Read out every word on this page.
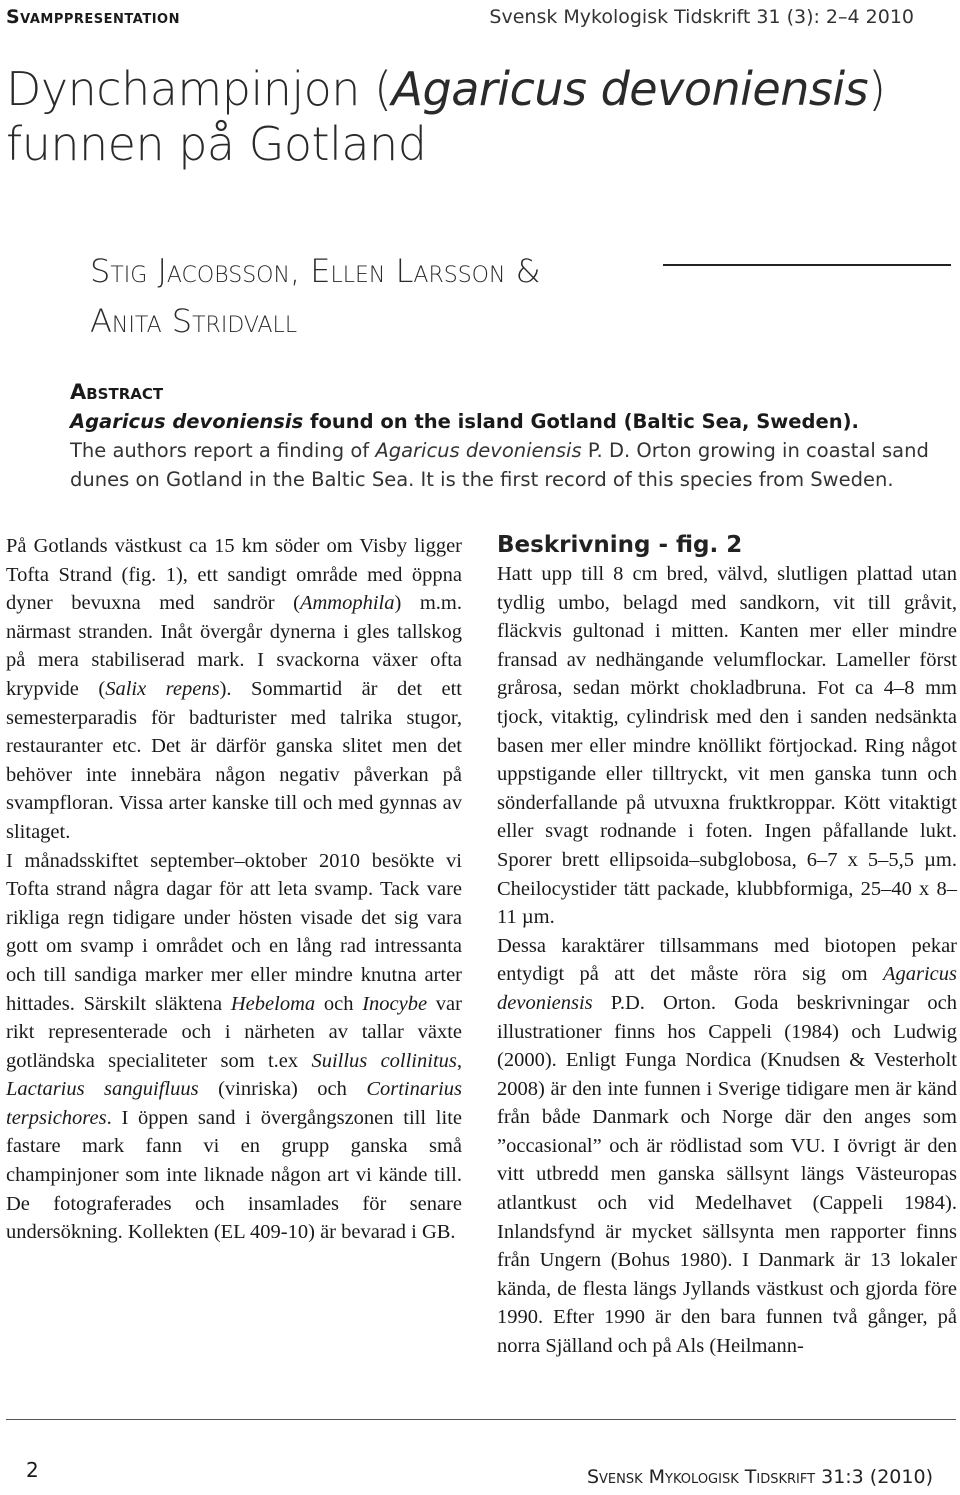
Svamppresentation	Svensk Mykologisk Tidskrift 31 (3): 2–4 2010
Dynchampinjon (Agaricus devoniensis)
funnen på Gotland
Stig Jacobsson, Ellen Larsson &
Anita Stridvall
Abstract
Agaricus devoniensis found on the island Gotland (Baltic Sea, Sweden).
The authors report a finding of Agaricus devoniensis P. D. Orton growing in coastal sand dunes on Gotland in the Baltic Sea. It is the first record of this species from Sweden.

På Gotlands västkust ca 15 km söder om Visby ligger Tofta Strand (fig. 1), ett sandigt område med öppna dyner bevuxna med sandrör (Ammophila) m.m. närmast stranden. Inåt övergår dynerna i gles tallskog på mera stabiliserad mark. I svackorna växer ofta krypvide (Salix repens). Sommartid är det ett semesterparadis för badturister med talrika stugor, restauranter etc. Det är därför ganska slitet men det behöver inte innebära någon negativ påverkan på svampfloran. Vissa arter kanske till och med gynnas av slitaget.

I månadsskiftet september–oktober 2010 besökte vi Tofta strand några dagar för att leta svamp. Tack vare rikliga regn tidigare under hösten visade det sig vara gott om svamp i området och en lång rad intressanta och till sandiga marker mer eller mindre knutna arter hittades. Särskilt släktena Hebeloma och Inocybe var rikt representerade och i närheten av tallar växte gotländska specialiteter som t.ex Suillus collinitus, Lactarius sanguifluus (vinriska) och Cortinarius terpsichores. I öppen sand i övergångszonen till lite fastare mark fann vi en grupp ganska små champinjoner som inte liknade någon art vi kände till. De fotograferades och insamlades för senare undersökning. Kollekten (EL 409-10) är bevarad i GB.

Beskrivning - fig. 2

Hatt upp till 8 cm bred, välvd, slutligen plattad utan tydlig umbo, belagd med sandkorn, vit till gråvit, fläckvis gultonad i mitten. Kanten mer eller mindre fransad av nedhängande velumflockar. Lameller först grårosa, sedan mörkt chokladbruna. Fot ca 4–8 mm tjock, vitaktig, cylindrisk med den i sanden nedsänkta basen mer eller mindre knöllikt förtjockad. Ring något uppstigande eller tilltryckt, vit men ganska tunn och sönderfallande på utvuxna fruktkroppar. Kött vitaktigt eller svagt rodnande i foten. Ingen påfallande lukt. Sporer brett ellipsoida–subglobosa, 6–7 x 5–5,5 µm. Cheilocystider tätt packade, klubbformiga, 25–40 x 8–11 µm.

Dessa karaktärer tillsammans med biotopen pekar entydigt på att det måste röra sig om Agaricus devoniensis P.D. Orton. Goda beskrivningar och illustrationer finns hos Cappeli (1984) och Ludwig (2000). Enligt Funga Nordica (Knudsen & Vesterholt 2008) är den inte funnen i Sverige tidigare men är känd från både Danmark och Norge där den anges som ”occasional” och är rödlistad som VU. I övrigt är den vitt utbredd men ganska sällsynt längs Västeuropas atlantkust och vid Medelhavet (Cappeli 1984). Inlandsfynd är mycket sällsynta men rapporter finns från Ungern (Bohus 1980). I Danmark är 13 lokaler kända, de flesta längs Jyllands västkust och gjorda före 1990. Efter 1990 är den bara funnen två gånger, på norra Själland och på Als (Heilmann-

2	Svensk Mykologisk Tidskrift 31:3 (2010)
